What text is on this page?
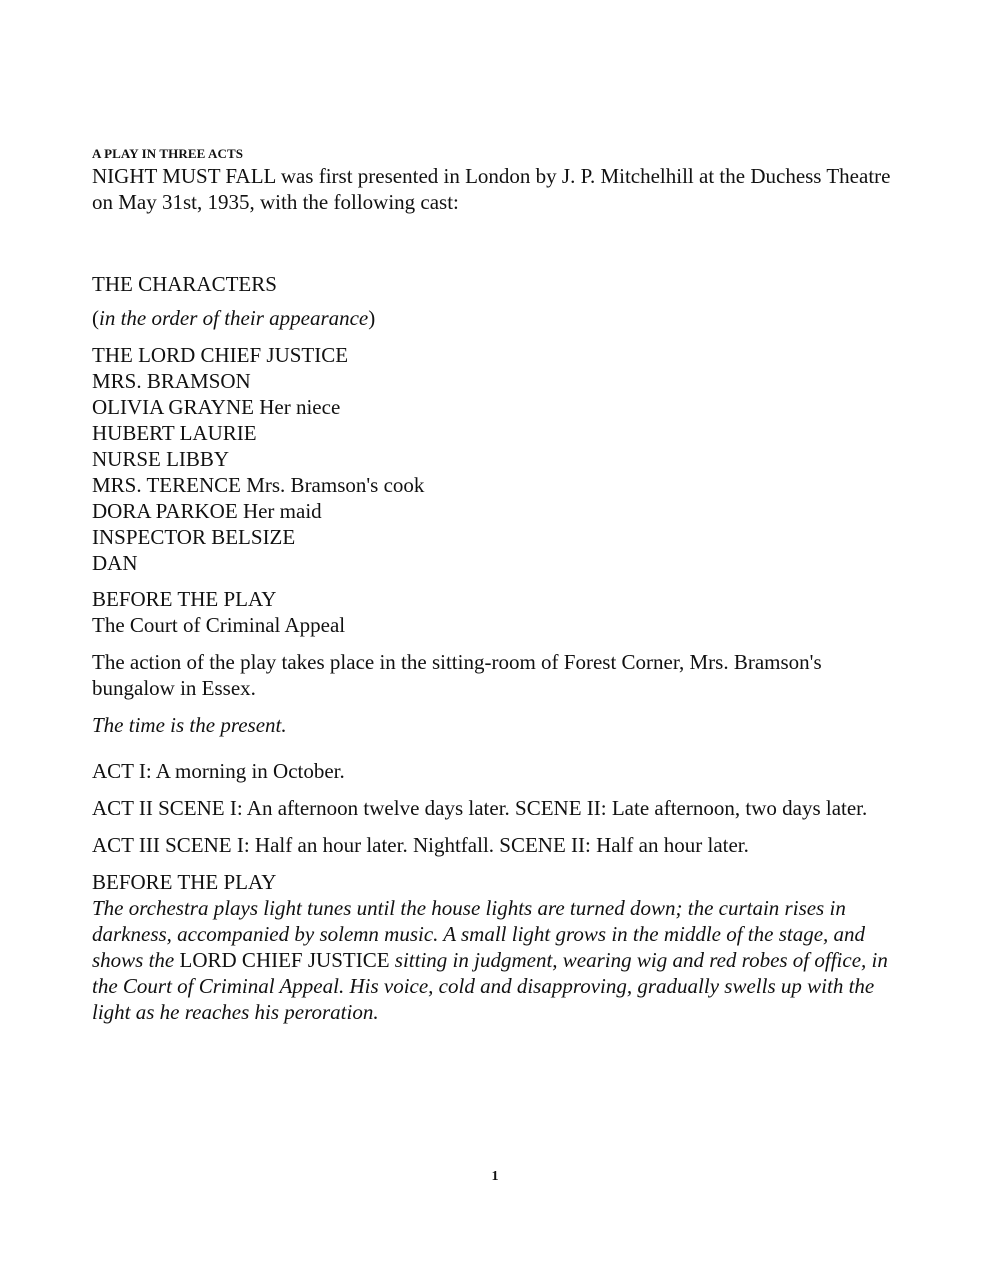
A PLAY IN THREE ACTS

NIGHT MUST FALL was first presented in London by J. P. Mitchelhill at the Duchess Theatre on May 31st, 1935, with the following cast:

THE CHARACTERS

(in the order of their appearance)

THE LORD CHIEF JUSTICE
MRS. BRAMSON
OLIVIA GRAYNE Her niece
HUBERT LAURIE
NURSE LIBBY
MRS. TERENCE Mrs. Bramson's cook
DORA PARKOE Her maid
INSPECTOR BELSIZE
DAN

BEFORE THE PLAY

The Court of Criminal Appeal

The action of the play takes place in the sitting-room of Forest Corner, Mrs. Bramson's bungalow in Essex.

The time is the present.

ACT I: A morning in October.

ACT II SCENE I: An afternoon twelve days later. SCENE II: Late afternoon, two days later.

ACT III SCENE I: Half an hour later. Nightfall. SCENE II: Half an hour later.

BEFORE THE PLAY

The orchestra plays light tunes until the house lights are turned down; the curtain rises in darkness, accompanied by solemn music. A small light grows in the middle of the stage, and shows the LORD CHIEF JUSTICE sitting in judgment, wearing wig and red robes of office, in the Court of Criminal Appeal. His voice, cold and disapproving, gradually swells up with the light as he reaches his peroration.

1
